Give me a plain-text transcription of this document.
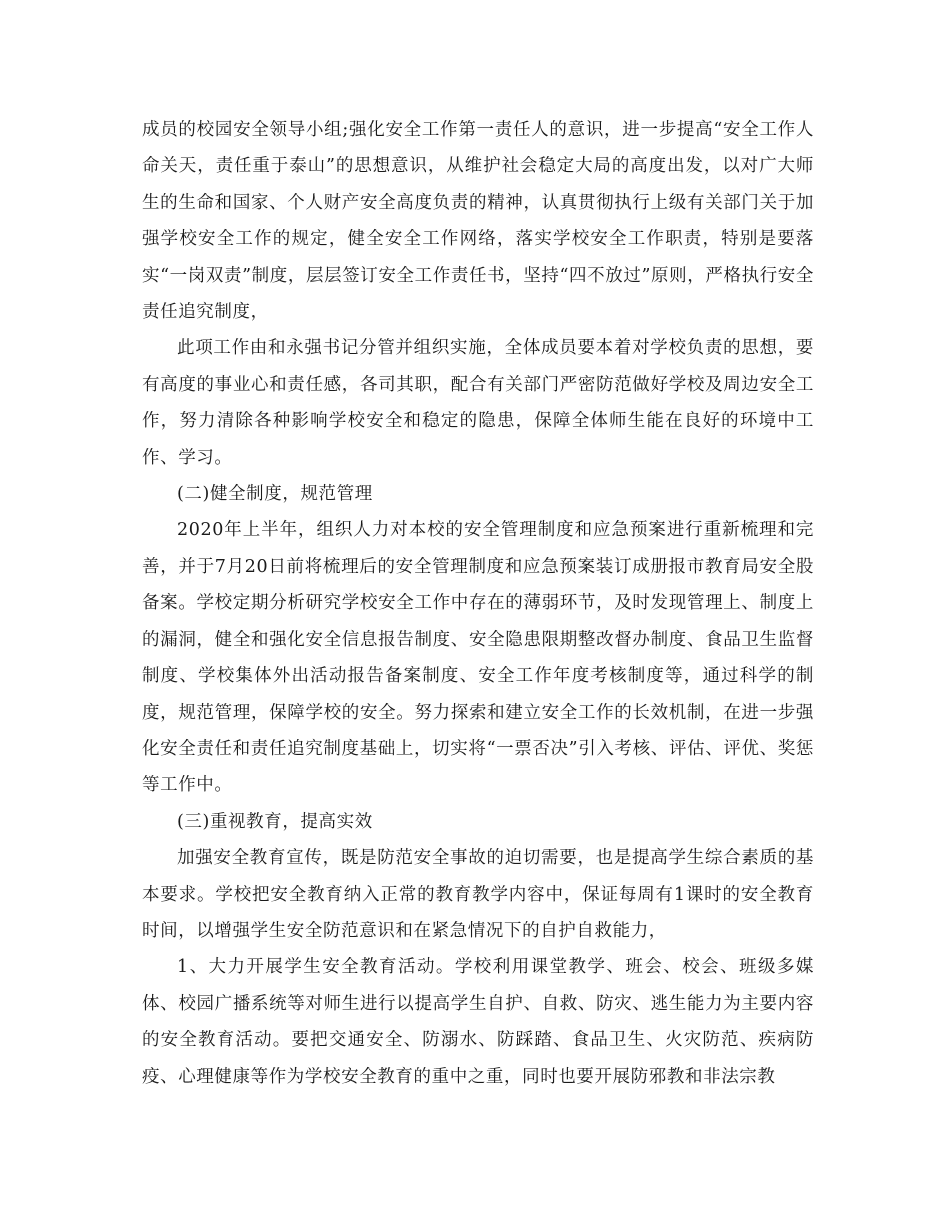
成员的校园安全领导小组;强化安全工作第一责任人的意识，进一步提高“安全工作人命关天，责任重于泰山”的思想意识，从维护社会稳定大局的高度出发，以对广大师生的生命和国家、个人财产安全高度负责的精神，认真贯彻执行上级有关部门关于加强学校安全工作的规定，健全安全工作网络，落实学校安全工作职责，特别是要落实“一岗双责”制度，层层签订安全工作责任书，坚持“四不放过”原则，严格执行安全责任追究制度，

此项工作由和永强书记分管并组织实施，全体成员要本着对学校负责的思想，要有高度的事业心和责任感，各司其职，配合有关部门严密防范做好学校及周边安全工作，努力清除各种影响学校安全和稳定的隐患，保障全体师生能在良好的环境中工作、学习。

(二)健全制度，规范管理

2020年上半年，组织人力对本校的安全管理制度和应急预案进行重新梳理和完善，并于7月20日前将梳理后的安全管理制度和应急预案装订成册报市教育局安全股备案。学校定期分析研究学校安全工作中存在的薄弱环节，及时发现管理上、制度上的漏洞，健全和强化安全信息报告制度、安全隐患限期整改督办制度、食品卫生监督制度、学校集体外出活动报告备案制度、安全工作年度考核制度等，通过科学的制度，规范管理，保障学校的安全。努力探索和建立安全工作的长效机制，在进一步强化安全责任和责任追究制度基础上，切实将“一票否决”引入考核、评估、评优、奖惩等工作中。

(三)重视教育，提高实效

加强安全教育宣传，既是防范安全事故的迫切需要，也是提高学生综合素质的基本要求。学校把安全教育纳入正常的教育教学内容中，保证每周有1课时的安全教育时间，以增强学生安全防范意识和在紧急情况下的自护自救能力，

1、大力开展学生安全教育活动。学校利用课堂教学、班会、校会、班级多媒体、校园广播系统等对师生进行以提高学生自护、自救、防灾、逃生能力为主要内容的安全教育活动。要把交通安全、防溺水、防踩踏、食品卫生、火灾防范、疾病防疫、心理健康等作为学校安全教育的重中之重，同时也要开展防邪教和非法宗教
